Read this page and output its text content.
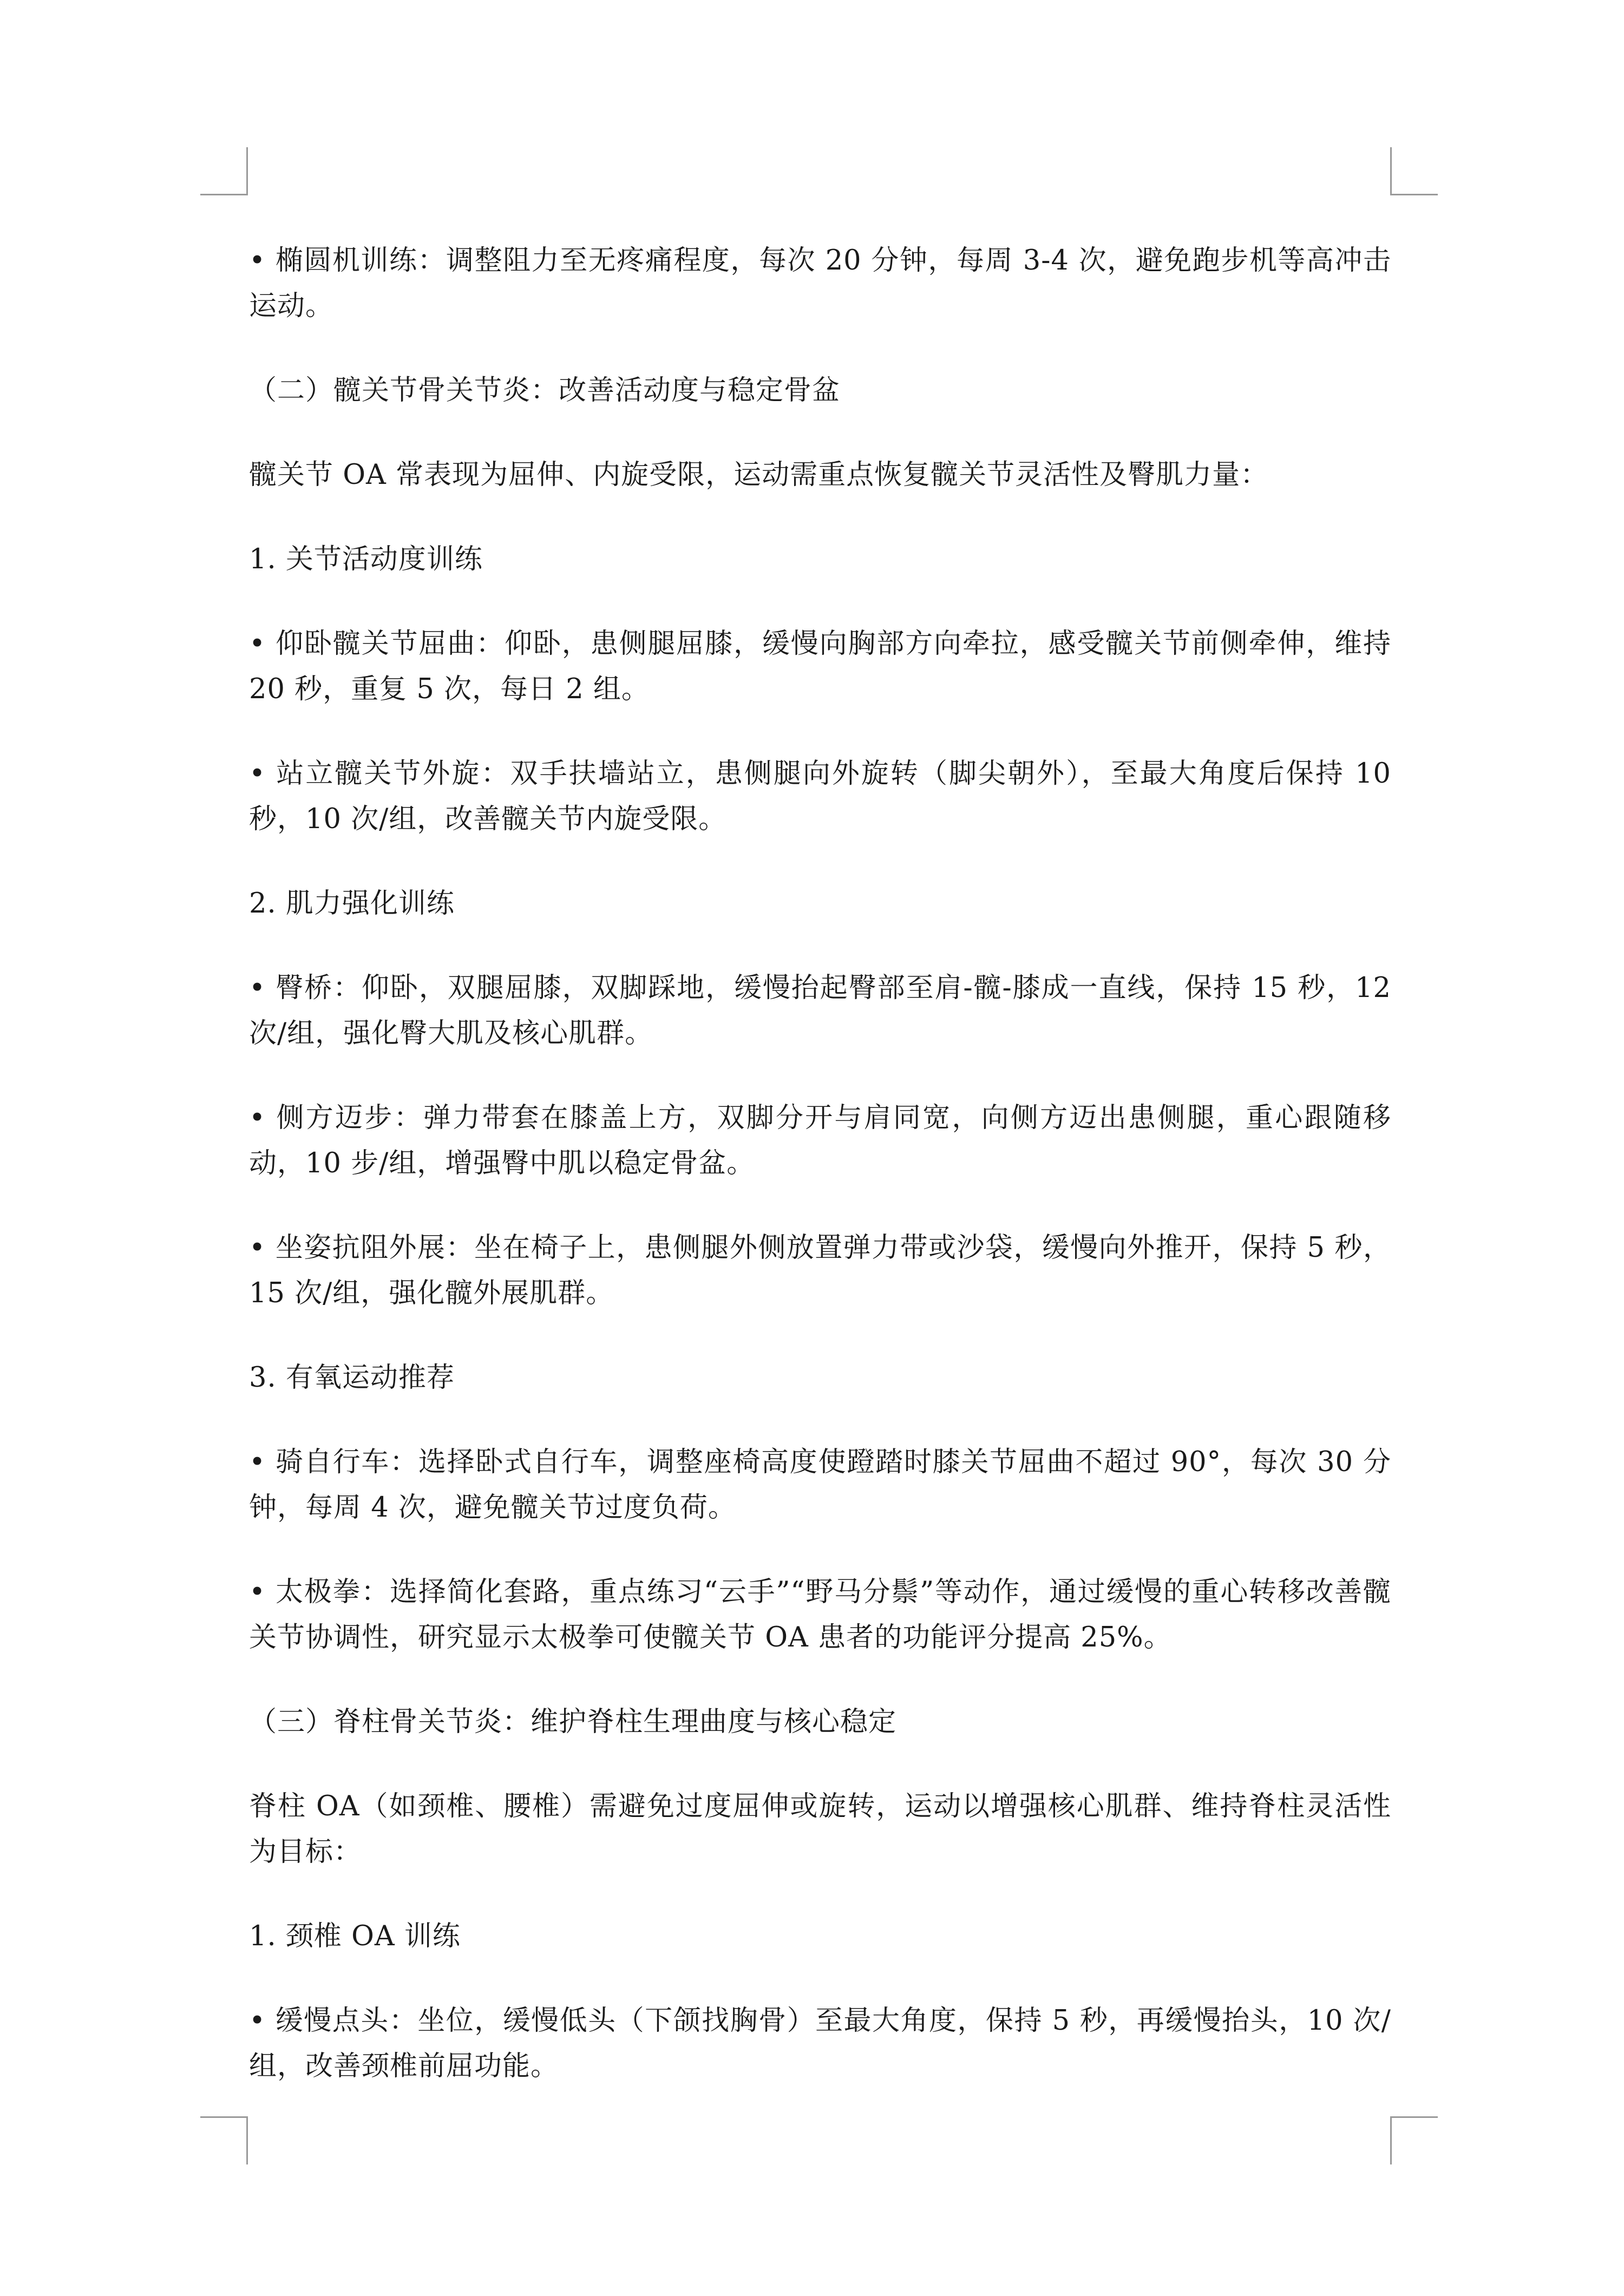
• 椭圆机训练：调整阻力至无疼痛程度，每次 20 分钟，每周 3-4 次，避免跑步机等高冲击运动。

（二）髋关节骨关节炎：改善活动度与稳定骨盆

髋关节 OA 常表现为屈伸、内旋受限，运动需重点恢复髋关节灵活性及臀肌力量：

1. 关节活动度训练

• 仰卧髋关节屈曲：仰卧，患侧腿屈膝，缓慢向胸部方向牵拉，感受髋关节前侧牵伸，维持 20 秒，重复 5 次，每日 2 组。

• 站立髋关节外旋：双手扶墙站立，患侧腿向外旋转（脚尖朝外），至最大角度后保持 10 秒，10 次/组，改善髋关节内旋受限。

2. 肌力强化训练

• 臀桥：仰卧，双腿屈膝，双脚踩地，缓慢抬起臀部至肩-髋-膝成一直线，保持 15 秒，12 次/组，强化臀大肌及核心肌群。

• 侧方迈步：弹力带套在膝盖上方，双脚分开与肩同宽，向侧方迈出患侧腿，重心跟随移动，10 步/组，增强臀中肌以稳定骨盆。

• 坐姿抗阻外展：坐在椅子上，患侧腿外侧放置弹力带或沙袋，缓慢向外推开，保持 5 秒，15 次/组，强化髋外展肌群。

3. 有氧运动推荐

• 骑自行车：选择卧式自行车，调整座椅高度使蹬踏时膝关节屈曲不超过 90°，每次 30 分钟，每周 4 次，避免髋关节过度负荷。

• 太极拳：选择简化套路，重点练习“云手”“野马分鬃”等动作，通过缓慢的重心转移改善髋关节协调性，研究显示太极拳可使髋关节 OA 患者的功能评分提高 25%。

（三）脊柱骨关节炎：维护脊柱生理曲度与核心稳定

脊柱 OA（如颈椎、腰椎）需避免过度屈伸或旋转，运动以增强核心肌群、维持脊柱灵活性为目标：

1. 颈椎 OA 训练

• 缓慢点头：坐位，缓慢低头（下颌找胸骨）至最大角度，保持 5 秒，再缓慢抬头，10 次/组，改善颈椎前屈功能。
